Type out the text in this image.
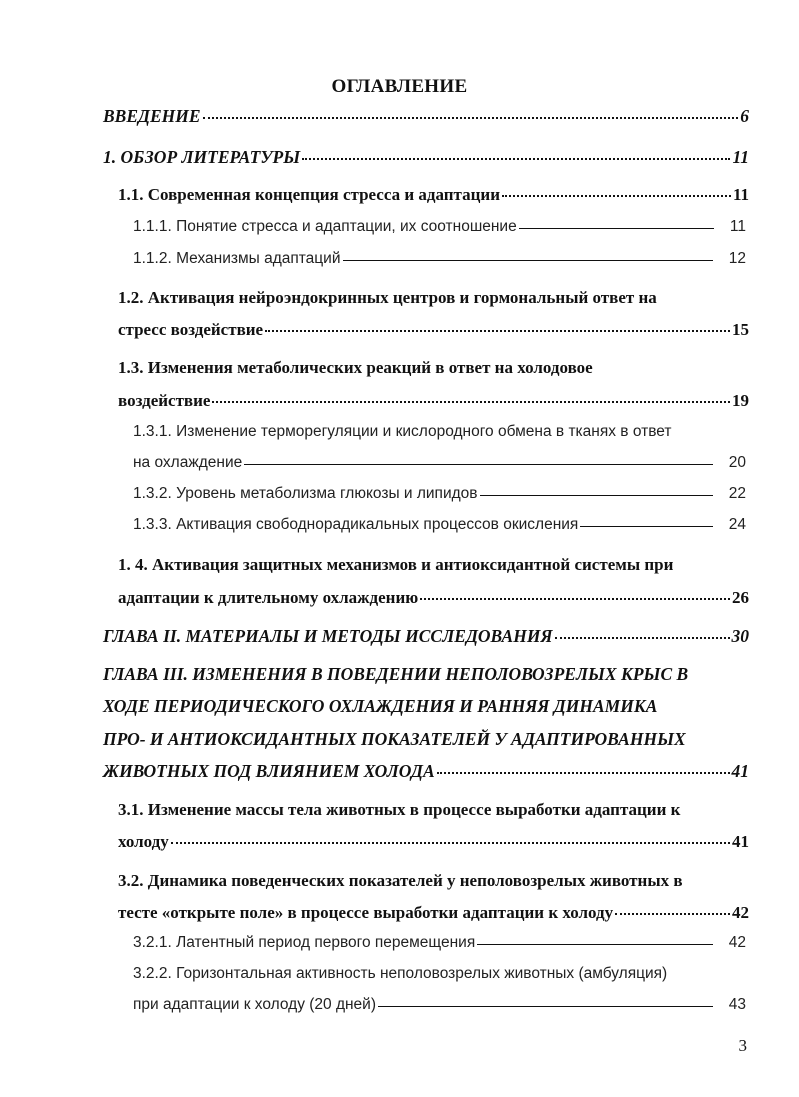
ОГЛАВЛЕНИЕ
ВВЕДЕНИЕ	6
1. ОБЗОР ЛИТЕРАТУРЫ	11
1.1. Современная концепция стресса и адаптации	11
1.1.1. Понятие стресса и адаптации, их соотношение	11
1.1.2. Механизмы адаптаций	12
1.2. Активация нейроэндокринных центров и гормональный ответ на
стресс воздействие	15
1.3. Изменения метаболических реакций в ответ на холодовое
воздействие	19
1.3.1. Изменение терморегуляции и кислородного обмена в тканях в ответ
на охлаждение	20
1.3.2. Уровень метаболизма глюкозы и липидов	22
1.3.3. Активация свободнорадикальных процессов окисления	24
1. 4. Активация защитных механизмов и антиоксидантной системы при
адаптации к длительному охлаждению	26
ГЛАВА II. МАТЕРИАЛЫ И МЕТОДЫ ИССЛЕДОВАНИЯ	30
ГЛАВА III. ИЗМЕНЕНИЯ В ПОВЕДЕНИИ НЕПОЛОВОЗРЕЛЫХ КРЫС В
ХОДЕ ПЕРИОДИЧЕСКОГО ОХЛАЖДЕНИЯ И РАННЯЯ ДИНАМИКА
ПРО- И АНТИОКСИДАНТНЫХ ПОКАЗАТЕЛЕЙ У АДАПТИРОВАННЫХ
ЖИВОТНЫХ ПОД ВЛИЯНИЕМ ХОЛОДА	41
3.1. Изменение массы тела животных в процессе выработки адаптации к
холоду	41
3.2. Динамика поведенческих показателей у неполовозрелых животных в
тесте «открыте поле» в процессе выработки адаптации к холоду	42
3.2.1. Латентный период первого перемещения	42
3.2.2. Горизонтальная активность неполовозрелых животных (амбуляция)
при адаптации к холоду (20 дней)	43
3
